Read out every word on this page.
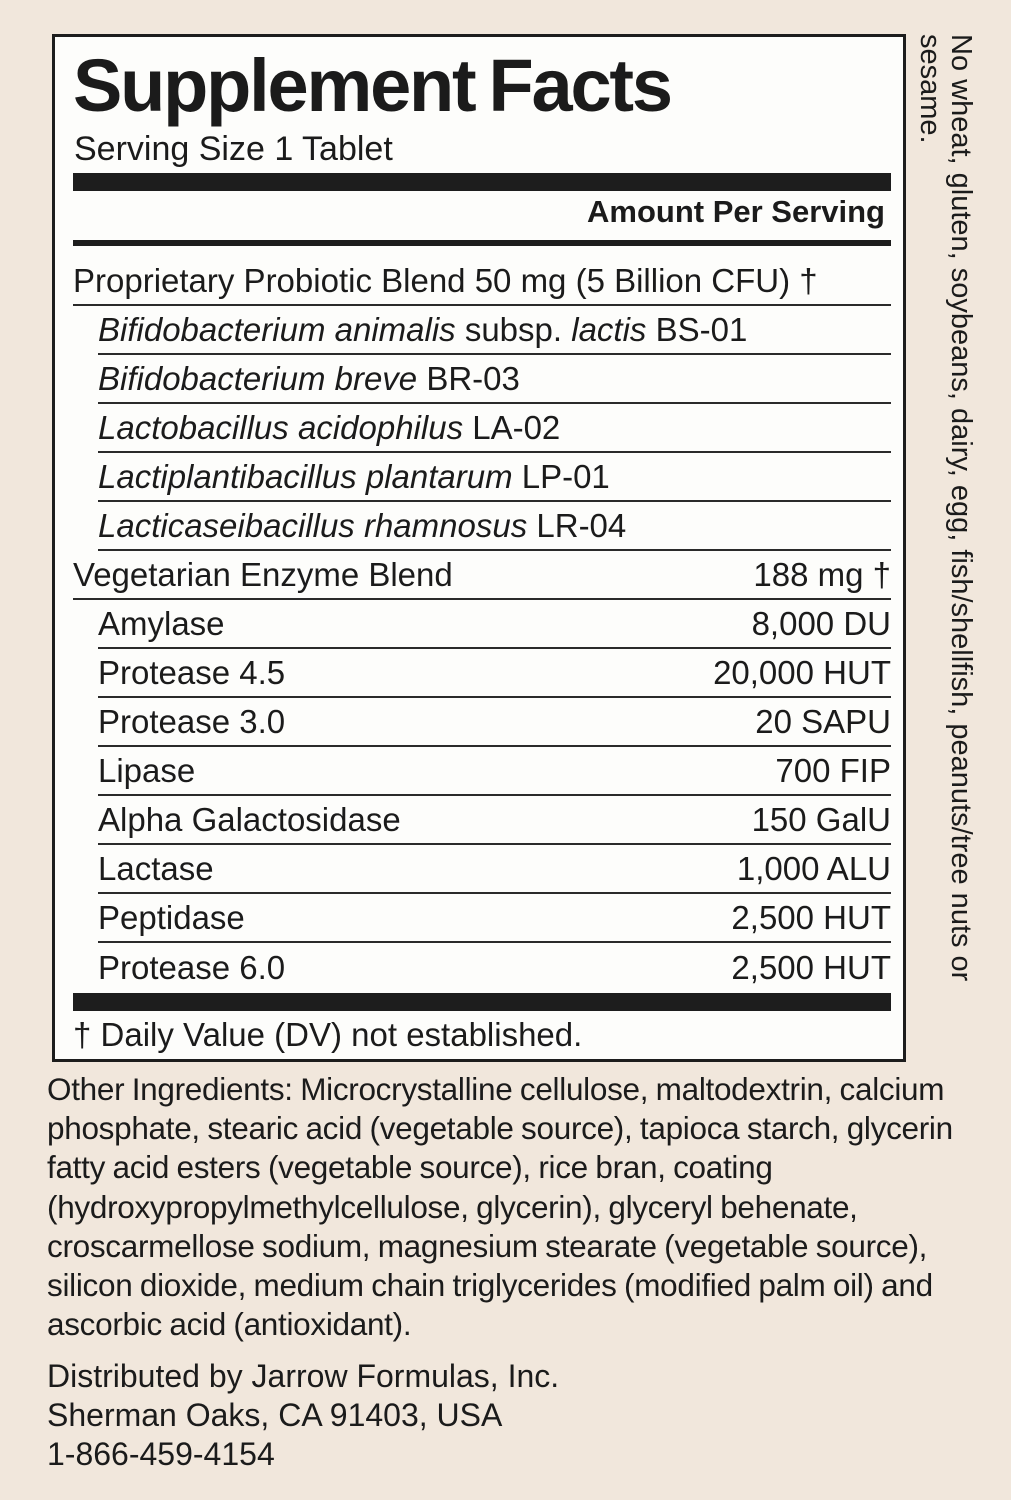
Supplement Facts
Serving Size 1 Tablet
Amount Per Serving
Proprietary Probiotic Blend 50 mg (5 Billion CFU) †
Bifidobacterium animalis subsp. lactis BS-01
Bifidobacterium breve BR-03
Lactobacillus acidophilus LA-02
Lactiplantibacillus plantarum LP-01
Lacticaseibacillus rhamnosus LR-04
Vegetarian Enzyme Blend	188 mg †
Amylase	8,000 DU
Protease 4.5	20,000 HUT
Protease 3.0	20 SAPU
Lipase	700 FIP
Alpha Galactosidase	150 GalU
Lactase	1,000 ALU
Peptidase	2,500 HUT
Protease 6.0	2,500 HUT
† Daily Value (DV) not established.
No wheat, gluten, soybeans, dairy, egg, fish/shellfish, peanuts/tree nuts or sesame.
Other Ingredients: Microcrystalline cellulose, maltodextrin, calcium phosphate, stearic acid (vegetable source), tapioca starch, glycerin fatty acid esters (vegetable source), rice bran, coating (hydroxypropylmethylcellulose, glycerin), glyceryl behenate, croscarmellose sodium, magnesium stearate (vegetable source), silicon dioxide, medium chain triglycerides (modified palm oil) and ascorbic acid (antioxidant).
Distributed by Jarrow Formulas, Inc.
Sherman Oaks, CA 91403, USA
1-866-459-4154
